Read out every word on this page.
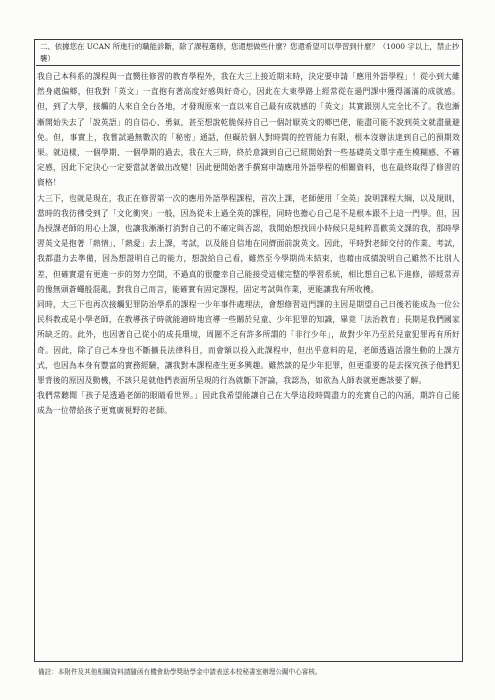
二、依據您在 UCAN 所進行的職能診斷，除了課程選修，您還想做些什麼？您還希望可以學習到什麼？（1000 字以上，禁止抄襲）

我自己本科系的課程與一直嚮往修習的教育學程外，我在大三上接近期末時，決定要申請「應用外語學程」！從小到大雖然身處偏鄉，但我對「英文」一直抱有著高度好感與好奇心，因此在大東學路上經常從在過門課中獲得滿滿的成就感。但，到了大學，接觸的人來自全台各地，才發現原來一直以來自己最有成就感的「英文」其實跟別人完全比不了。我也漸漸開始失去了「說英語」的自信心、勇氣，甚至想說乾脆保持自己一個討厭英文的鄉巴佬，能盡可能不說到英文就盡量避免。但，事實上，我嘗試過無數次的「秘密」通話，但礙於個人對時間的控管能力有限，根本沒辦法達到自己的預期效果。就這樣，一個學期、一個學期的過去，我在大三時，終於意識到自己已經開始對一些基礎英文單字產生模糊感、不確定感，因此下定決心一定要當試著做出改變！因此便開始著手撰寫申請應用外語學程的相關資料，也在最終取得了修習的資格！

大三下，也就是現在，我正在修習第一次的應用外語學程課程，首次上課，老師便用「全英」說明課程大綱，以及規則，當時的我彷彿受到了「文化衝突」一般，因為從未上過全英的課程，同時也擔心自己是不是根本跟不上這一門學。但，因為授課老師的用心上課，也讓我漸漸打消對自己的不確定與否認，我開始想找回小時候只是純粹喜歡英文課的我，那時學習英文是抱著「熱情」、「熱愛」去上課，考試，以及能自信地在同儕面前說英文。因此，平時對老師交付的作業、考試，我都盡力去準備，因為想證明自己的能力，想說給自己看，雖然至今學期尚未結束，也藉由成績說明自己雖然不比別人差，但確實還有更進一步的努力空間，不過真的很慶幸自己能接受這樣完整的學習系統，相比想自己私下進修，卻經常弄的像無頭蒼蠅般混亂，對我自己而言，能確實有固定課程，固定考試與作業，更能讓我有所收穫。

同時，大三下也再次接觸犯罪防治學系的課程一少年事件處理法，會想修習這門課的主因是期望自己日後若能成為一位公民科教或是小學老師，在教導孩子時就能適時地宣導一些關於兒童、少年犯罪的知識，畢竟「法治教育」長期是我們國家所缺乏的。此外，也因著自己從小的成長環境，周圍不乏有許多所謂的「非行少年」，故對少年乃至於兒童犯罪再有所好奇。因此，除了自己本身也不斷擴長法律科目，而會額以投入此課程中，但出乎意料的是，老師透過活潑生動的上課方式，也因為本身有豐富的實務經驗，讓我對本課程產生更多興趣。雖然談的是少年犯罪，但更重要的是去探究孩子他們犯罪背後的原因及動機，不該只是就他們表面所呈現的行為就斷下評論，我認為，如欲為人師表就更應該要了解。

我們常聽聞「孩子是透過老師的眼睛看世界。」因此我希望能讓自己在大學這段時間盡力的充實自己的內涵，期許自己能成為一位帶給孩子更寬廣視野的老師。

備註：本附件及其他相關資料請隨函有機會助學獎助學金申請表送本校秘書室辦理公關中心審核。
